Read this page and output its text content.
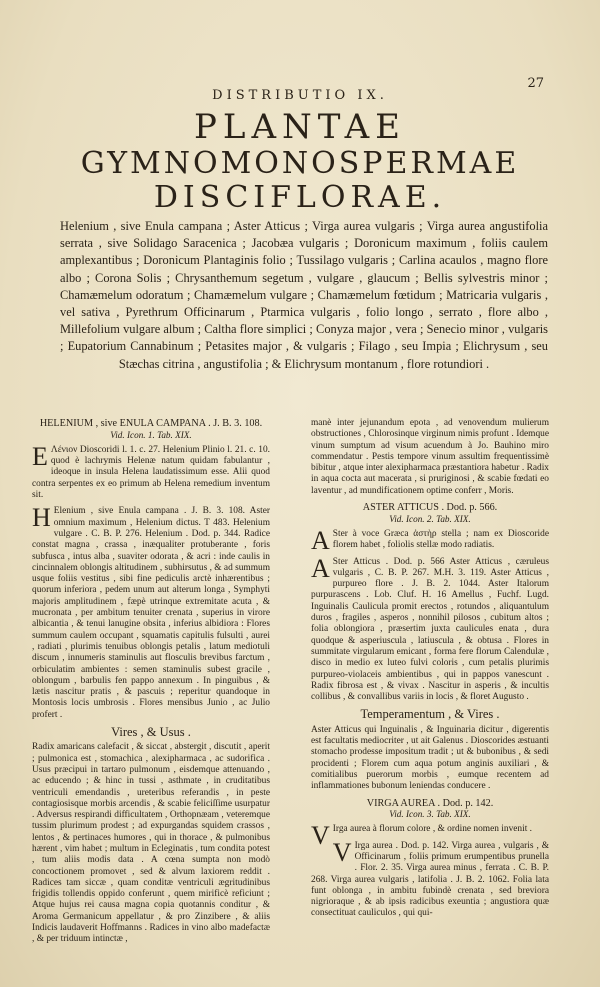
27
DISTRIBUTIO IX.
PLANTAE
GYMNOMONOSPERMAE
DISCIFLORAE.
Helenium , sive Enula campana ; Aster Atticus ; Virga aurea vulgaris ; Virga aurea angustifolia serrata , sive Solidago Saracenica ; Jacobæa vulgaris ; Doronicum maximum , foliis caulem amplexantibus ; Doronicum Plantaginis folio ; Tussilago vulgaris ; Carlina acaulos , magno flore albo ; Corona Solis ; Chrysanthemum segetum , vulgare , glaucum ; Bellis sylvestris minor ; Chamæmelum odoratum ; Chamæmelum vulgare ; Chamæmelum fœtidum ; Matricaria vulgaris , vel sativa , Pyrethrum Officinarum , Ptarmica vulgaris , folio longo , serrato , flore albo , Millefolium vulgare album ; Caltha flore simplici ; Conyza major , vera ; Senecio minor , vulgaris ; Eupatorium Cannabinum ; Petasites major , & vulgaris ; Filago , seu Impia ; Elichrysum , seu Stæchas citrina , angustifolia ; & Elichrysum montanum , flore rotundiori .

HELENIUM , sive ENULA CAMPANA . J. B. 3. 108.

Vid. Icon. 1. Tab. XIX.

E Λένιον Dioscoridi l. 1. c. 27. Helenium Plinio l. 21. c. 10. quod è lachrymis Helenæ natum quidam fabulantur , ideoque in insula Helena laudatissimum esse. Alii quod contra serpentes ex eo primum ab Helena remedium inventum sit.

H Elenium , sive Enula campana . J. B. 3. 108. Aster omnium maximum , Helenium dictus. T 483. Helenium vulgare . C. B. P. 276. Helenium . Dod. p. 344. Radice constat magna , crassa , inæqualiter protuberante , foris subfusca , intus alba , suaviter odorata , & acri : inde caulis in cincinnalem oblongis altitudinem , subhirsutus , & ad summum usque foliis vestitus , sibi fine pediculis arctè inhærentibus ; quorum inferiora , pedem unum aut alterum longa , Symphyti majoris amplitudinem , fæpè utrinque extremitate acuta , & mucronata , per ambitum tenuiter crenata , superius in virore albicantia , & tenui lanugine obsita , inferius albidiora : Flores summum caulem occupant , squamatis capitulis fulsulti , aurei , radiati , plurimis tenuibus oblongis petalis , latum mediotuli discum , innumeris staminulis aut flosculis brevibus farctum , orbiculatim ambientes : semen staminulis subest gracile , oblongum , barbulis fen pappo annexum . In pinguibus , & lætis nascitur pratis , & pascuis ; reperitur quandoque in Montosis locis umbrosis . Flores mensibus Junio , ac Julio profert .

Vires , & Usus .

Radix amaricans calefacit , & siccat , abstergit , discutit , aperit ; pulmonica est , stomachica , alexipharmaca , ac sudorifica . Usus præcipui in tartaro pulmonum , eisdemque attenuando , ac educendo ; & hinc in tussi , asthmate , in cruditatibus ventriculi emendandis , ureteribus referandis , in peste contagiosisque morbis arcendis , & scabie feliciſſime usurpatur . Adversus respirandi difficultatem , Orthopnæam , veteremque tussim plurimum prodest ; ad expurgandas squidem crassos , lentos , & pertinaces humores , qui in thorace , & pulmonibus hærent , vim habet ; multum in Ecleginatis , tum condita potest , tum aliis modis data . A cœna sumpta non modò concoctionem promovet , sed & alvum laxiorem reddit . Radices tam siccæ , quam conditæ ventriculi ægritudinibus frigidis tollendis oppido conferunt , quem mirificè reficiunt ; Atque hujus rei causa magna copia quotannis conditur , & Aroma Germanicum appellatur , & pro Zinzibere , & aliis Indicis laudaverit Hoffmanns . Radices in vino albo madefactæ , & per triduum intinctæ ,

manè inter jejunandum epota , ad venovendum mulierum obstructiones , Chlorosinque virginum nimis profunt . Idemque vinum sumptum ad visum acuendum à Jo. Bauhino miro commendatur . Pestis tempore vinum assultim frequentissimè bibitur , atque inter alexipharmaca præstantiora habetur . Radix in aqua cocta aut macerata , si pruriginosi , & scabie fœdati eo laventur , ad mundificationem optime conferr , Moris.

ASTER ATTICUS . Dod. p. 566.

Vid. Icon. 2. Tab. XIX.

A Ster à voce Græca ἀστὴρ stella ; nam ex Dioscoride florem habet , foliolis stellæ modo radiatis.

A Ster Atticus . Dod. p. 566 Aster Atticus , cæruleus vulgaris , C. B. P. 267. M.H. 3. 119. Aster Atticus , purpureo flore . J. B. 2. 1044. Aster Italorum purpurascens . Lob. Cluf. H. 16 Amellus , Fuchf. Lugd. Inguinalis Caulicula promit erectos , rotundos , aliquantulum duros , fragiles , asperos , nonnihil pilosos , cubitum altos ; folia oblongiora , præsertim juxta caulicules enata , dura quodque & asperiuscula , latiuscula , & obtusa . Flores in summitate virgularum emicant , forma fere florum Calendulæ , disco in medio ex luteo fulvi coloris , cum petalis plurimis purpureo-violaceis ambientibus , qui in pappos vanescunt . Radix fibrosa est , & vivax . Nascitur in asperis , & incultis collibus , & convallibus variis in locis , & floret Augusto .

Temperamentum , & Vires .

Aster Atticus qui Inguinalis , & Inguinaria dicitur , digerentis est facultatis mediocriter , ut ait Galenus . Dioscorides æstuanti stomacho prodesse impositum tradit ; ut & bubonibus , & sedi procidenti ; Florem cum aqua potum anginis auxiliari , & comitialibus puerorum morbis , eumque recentem ad inflammationes bubonum leniendas conducere .

VIRGA AUREA . Dod. p. 142.

Vid. Icon. 3. Tab. XIX.

V Irga aurea à florum colore , & ordine nomen invenit .

V Irga aurea . Dod. p. 142. Virga aurea , vulgaris , & Officinarum , foliis primum erumpentibus prunella . Flor. 2. 35. Virga aurea minus , ferrata . C. B. P. 268. Virga aurea vulgaris , latifolia . J. B. 2. 1062. Folia lata funt oblonga , in ambitu fubindè crenata , sed breviora nigrioraque , & ab ipsis radicibus exeuntia ; angustiora quæ consectituat cauliculos , qui qui-
